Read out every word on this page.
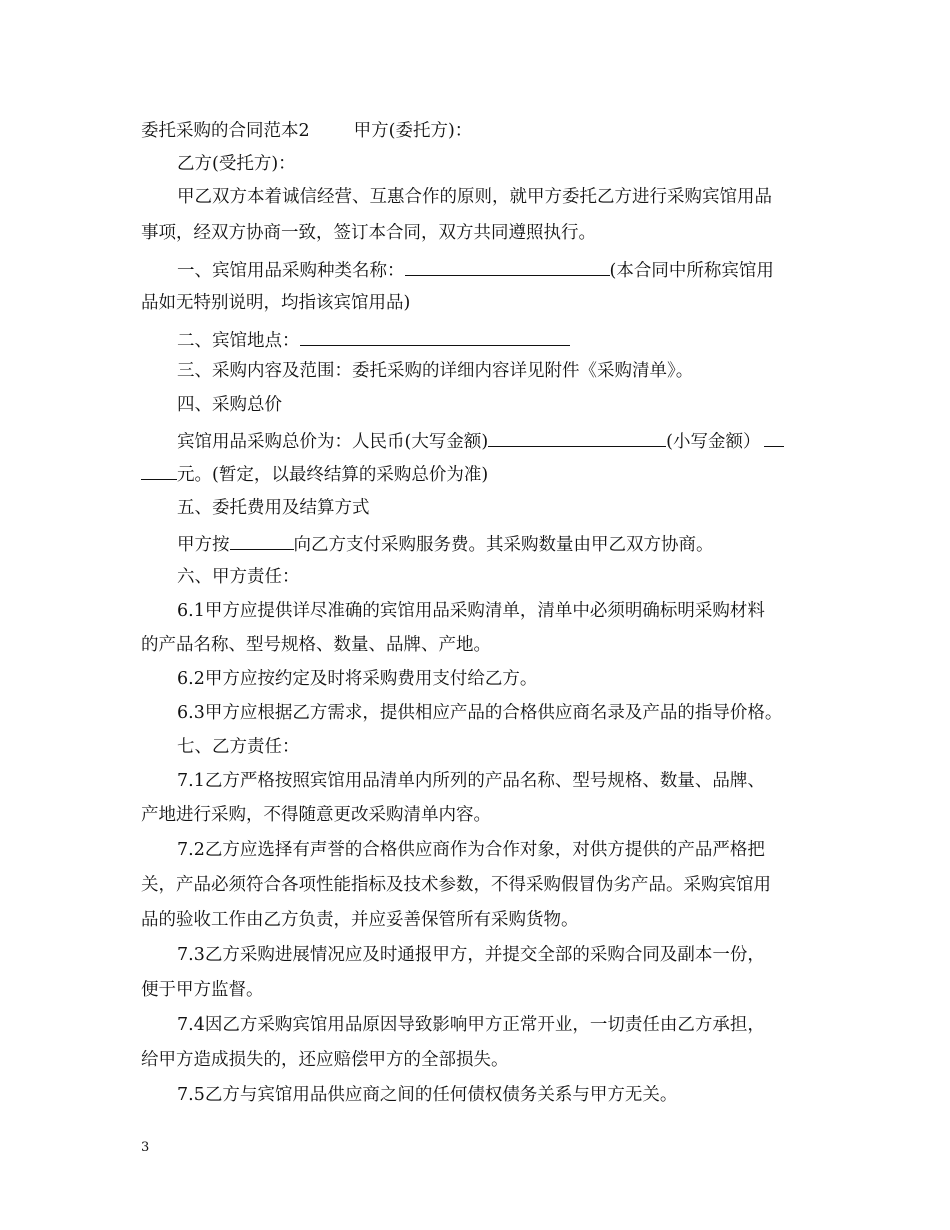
委托采购的合同范本2	甲方(委托方)：
乙方(受托方)：
甲乙双方本着诚信经营、互惠合作的原则，就甲方委托乙方进行采购宾馆用品
事项，经双方协商一致，签订本合同，双方共同遵照执行。
一、宾馆用品采购种类名称：	(本合同中所称宾馆用
品如无特别说明，均指该宾馆用品)
二、宾馆地点：
三、采购内容及范围：委托采购的详细内容详见附件《采购清单》。
四、采购总价
宾馆用品采购总价为：人民币(大写金额)	(小写金额）
元。(暂定，以最终结算的采购总价为准)
五、委托费用及结算方式
甲方按	向乙方支付采购服务费。其采购数量由甲乙双方协商。
六、甲方责任：
6.1甲方应提供详尽准确的宾馆用品采购清单，清单中必须明确标明采购材料
的产品名称、型号规格、数量、品牌、产地。
6.2甲方应按约定及时将采购费用支付给乙方。
6.3甲方应根据乙方需求，提供相应产品的合格供应商名录及产品的指导价格。
七、乙方责任：
7.1乙方严格按照宾馆用品清单内所列的产品名称、型号规格、数量、品牌、
产地进行采购，不得随意更改采购清单内容。
7.2乙方应选择有声誉的合格供应商作为合作对象，对供方提供的产品严格把
关，产品必须符合各项性能指标及技术参数，不得采购假冒伪劣产品。采购宾馆用
品的验收工作由乙方负责，并应妥善保管所有采购货物。
7.3乙方采购进展情况应及时通报甲方，并提交全部的采购合同及副本一份，
便于甲方监督。
7.4因乙方采购宾馆用品原因导致影响甲方正常开业，一切责任由乙方承担，
给甲方造成损失的，还应赔偿甲方的全部损失。
7.5乙方与宾馆用品供应商之间的任何债权债务关系与甲方无关。
3
